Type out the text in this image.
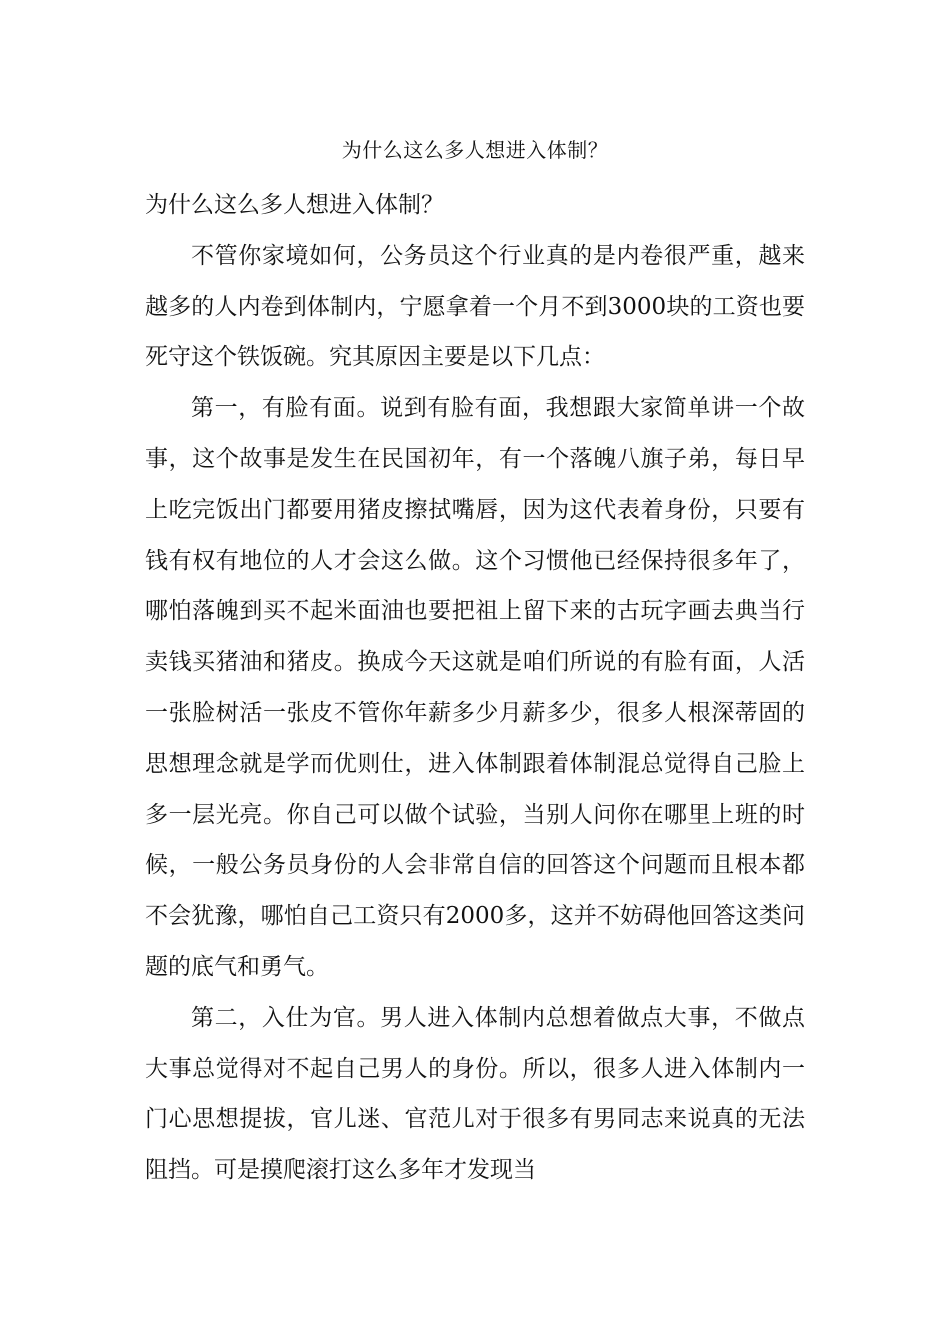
为什么这么多人想进入体制？

为什么这么多人想进入体制？

不管你家境如何，公务员这个行业真的是内卷很严重，越来越多的人内卷到体制内，宁愿拿着一个月不到3000块的工资也要死守这个铁饭碗。究其原因主要是以下几点：

第一，有脸有面。说到有脸有面，我想跟大家简单讲一个故事，这个故事是发生在民国初年，有一个落魄八旗子弟，每日早上吃完饭出门都要用猪皮擦拭嘴唇，因为这代表着身份，只要有钱有权有地位的人才会这么做。这个习惯他已经保持很多年了，哪怕落魄到买不起米面油也要把祖上留下来的古玩字画去典当行卖钱买猪油和猪皮。换成今天这就是咱们所说的有脸有面，人活一张脸树活一张皮不管你年薪多少月薪多少，很多人根深蒂固的思想理念就是学而优则仕，进入体制跟着体制混总觉得自己脸上多一层光亮。你自己可以做个试验，当别人问你在哪里上班的时候，一般公务员身份的人会非常自信的回答这个问题而且根本都不会犹豫，哪怕自己工资只有2000多，这并不妨碍他回答这类问题的底气和勇气。

第二，入仕为官。男人进入体制内总想着做点大事，不做点大事总觉得对不起自己男人的身份。所以，很多人进入体制内一门心思想提拔，官儿迷、官范儿对于很多有男同志来说真的无法阻挡。可是摸爬滚打这么多年才发现当
